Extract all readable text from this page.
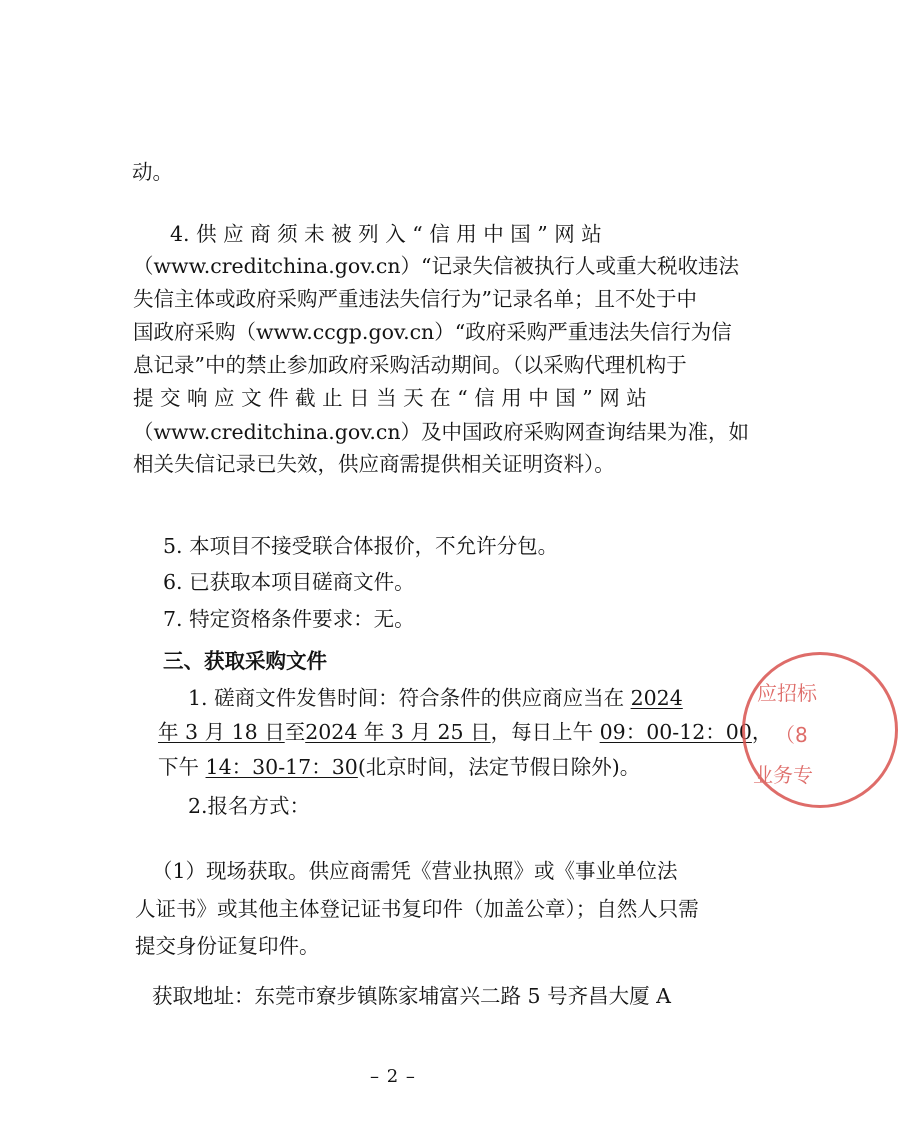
动。
4. 供 应 商 须 未 被 列 入 “ 信 用 中 国 ” 网 站
（www.creditchina.gov.cn）“记录失信被执行人或重大税收违法
失信主体或政府采购严重违法失信行为”记录名单；且不处于中
国政府采购（www.ccgp.gov.cn）“政府采购严重违法失信行为信
息记录”中的禁止参加政府采购活动期间。（以采购代理机构于
提 交 响 应 文 件 截 止 日 当 天 在 “ 信 用 中 国 ” 网 站
（www.creditchina.gov.cn）及中国政府采购网查询结果为准，如
相关失信记录已失效，供应商需提供相关证明资料）。
5. 本项目不接受联合体报价，不允许分包。
6. 已获取本项目磋商文件。
7. 特定资格条件要求：无。
三、获取采购文件
1. 磋商文件发售时间：符合条件的供应商应当在 2024
年 3 月 18 日至2024 年 3 月 25 日，每日上午 09：00-12：00，
下午 14：30-17：30(北京时间，法定节假日除外)。
2.报名方式：
（1）现场获取。供应商需凭《营业执照》或《事业单位法
人证书》或其他主体登记证书复印件（加盖公章）；自然人只需
提交身份证复印件。
获取地址：东莞市寮步镇陈家埔富兴二路 5 号齐昌大厦 A
– 2 –
应招标
（8
业务专
